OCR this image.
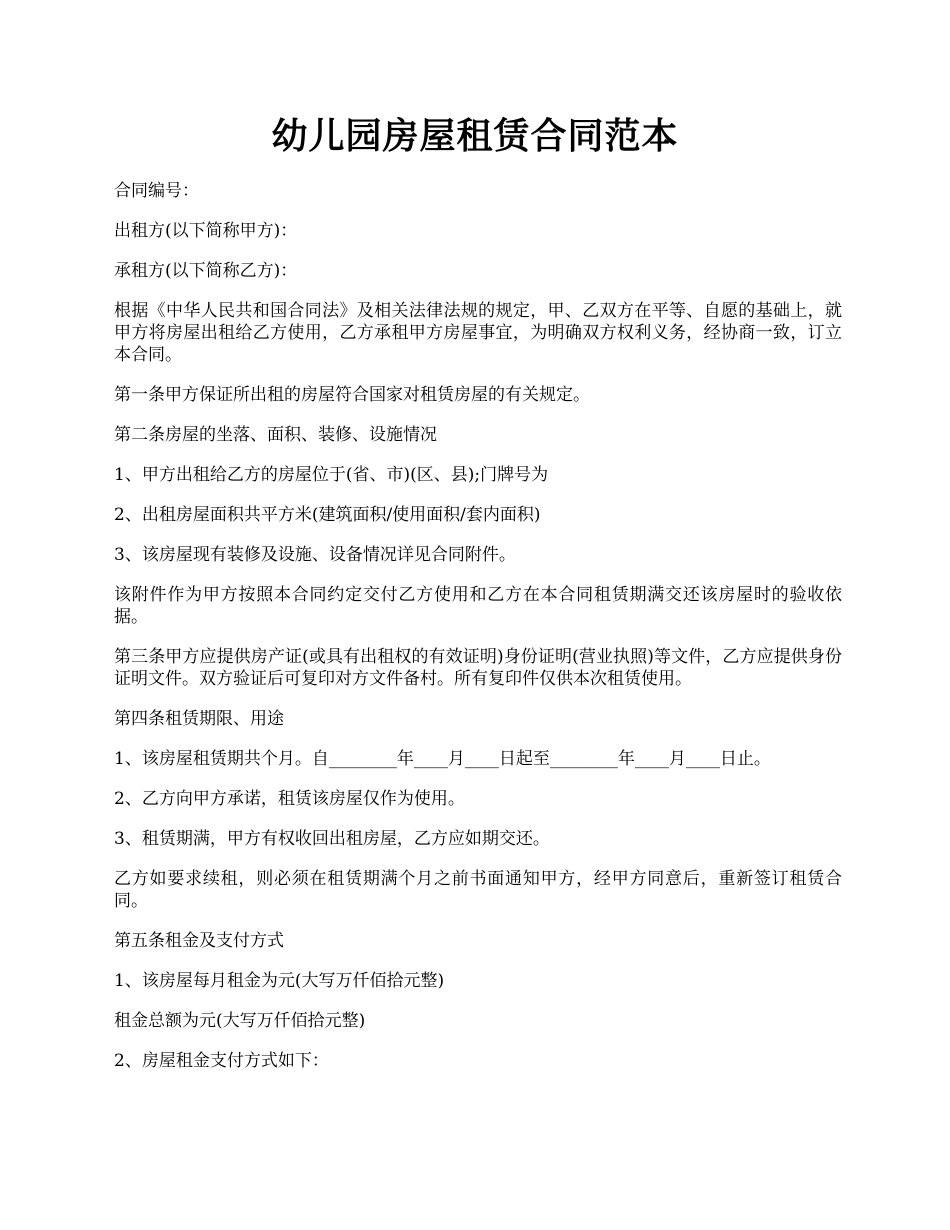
幼儿园房屋租赁合同范本

合同编号：

出租方(以下简称甲方)：

承租方(以下简称乙方)：

根据《中华人民共和国合同法》及相关法律法规的规定，甲、乙双方在平等、自愿的基础上，就甲方将房屋出租给乙方使用，乙方承租甲方房屋事宜，为明确双方权利义务，经协商一致，订立本合同。

第一条甲方保证所出租的房屋符合国家对租赁房屋的有关规定。

第二条房屋的坐落、面积、装修、设施情况

1、甲方出租给乙方的房屋位于(省、市)(区、县);门牌号为

2、出租房屋面积共平方米(建筑面积/使用面积/套内面积)

3、该房屋现有装修及设施、设备情况详见合同附件。

该附件作为甲方按照本合同约定交付乙方使用和乙方在本合同租赁期满交还该房屋时的验收依据。

第三条甲方应提供房产证(或具有出租权的有效证明)身份证明(营业执照)等文件，乙方应提供身份证明文件。双方验证后可复印对方文件备村。所有复印件仅供本次租赁使用。

第四条租赁期限、用途

1、该房屋租赁期共个月。自________年____月____日起至________年____月____日止。

2、乙方向甲方承诺，租赁该房屋仅作为使用。

3、租赁期满，甲方有权收回出租房屋，乙方应如期交还。

乙方如要求续租，则必须在租赁期满个月之前书面通知甲方，经甲方同意后，重新签订租赁合同。

第五条租金及支付方式

1、该房屋每月租金为元(大写万仟佰拾元整)

租金总额为元(大写万仟佰拾元整)

2、房屋租金支付方式如下：
